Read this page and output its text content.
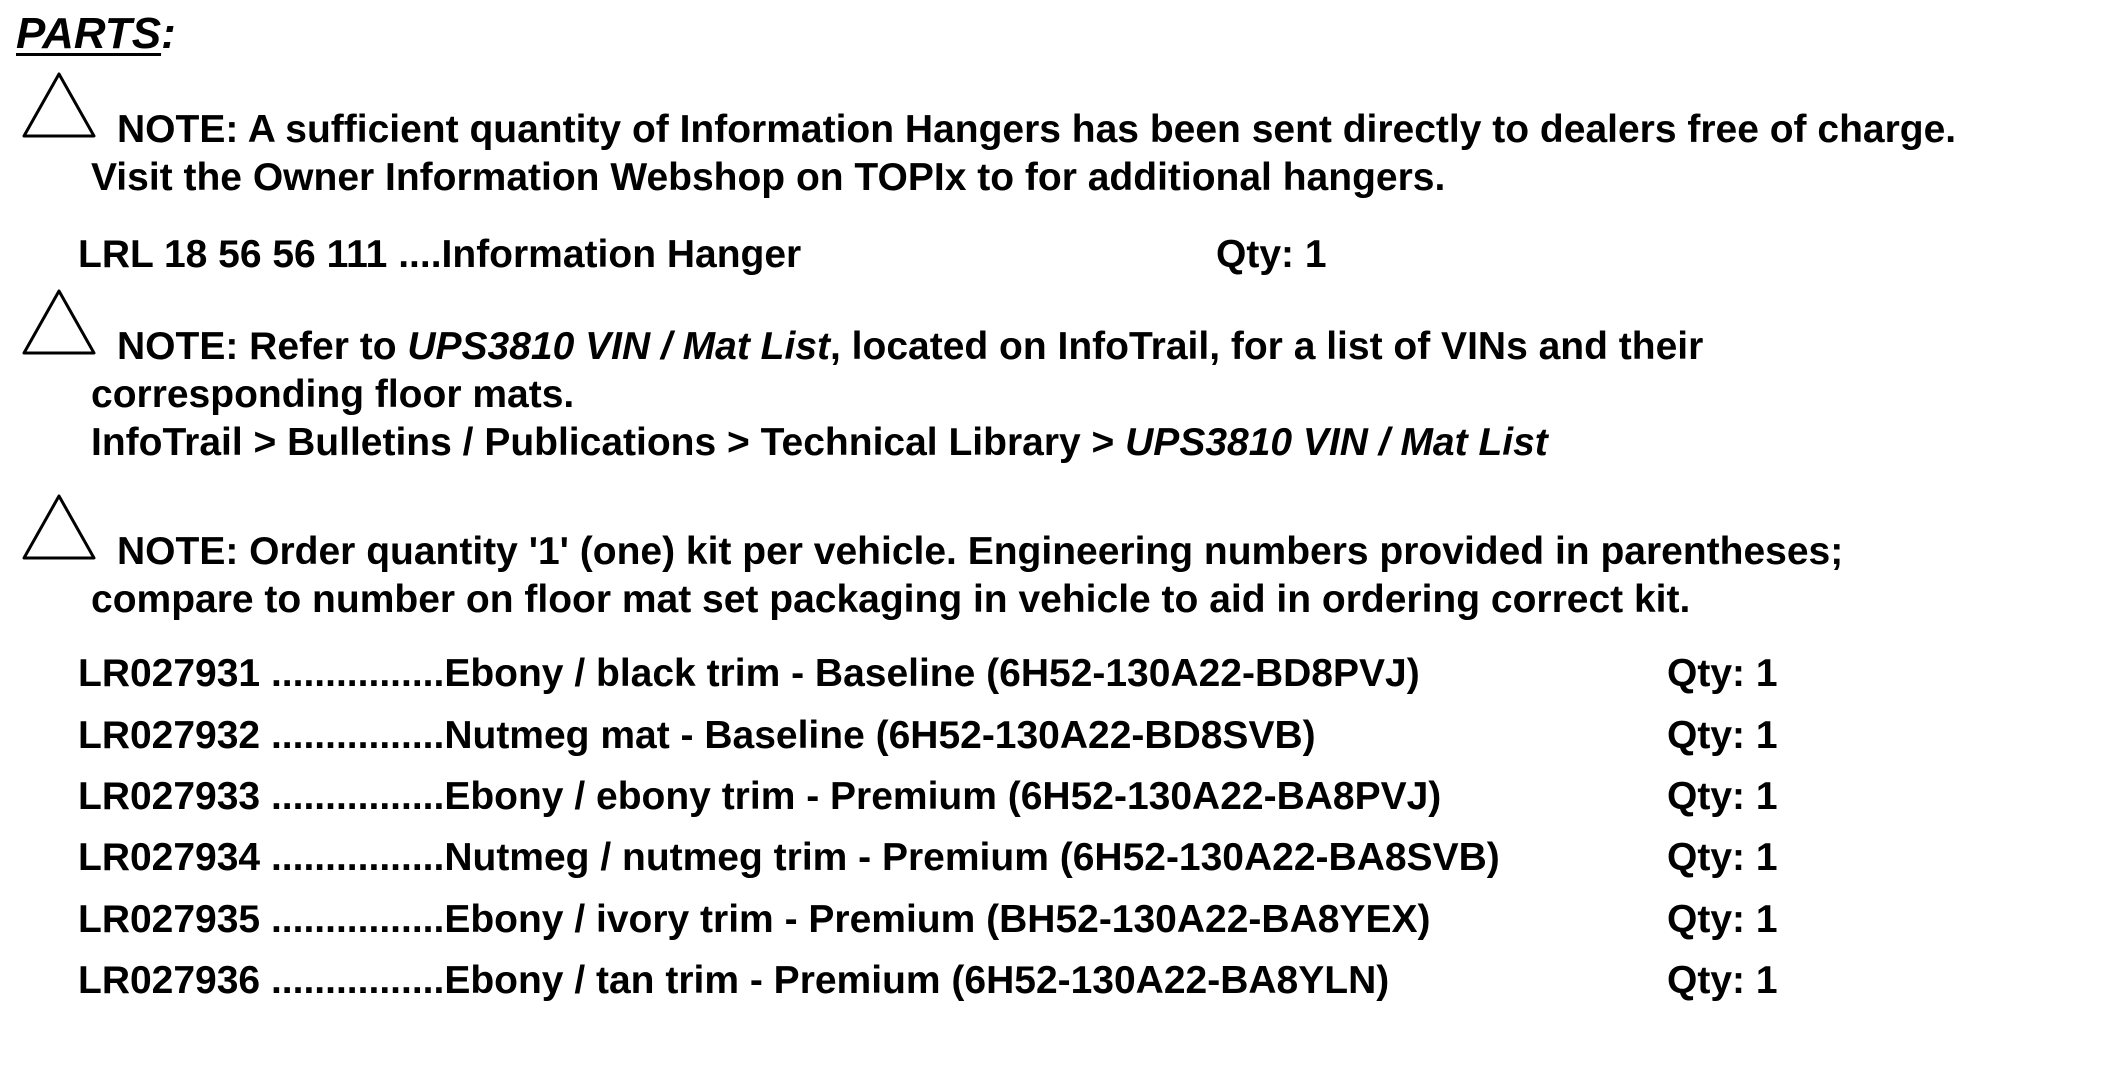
PARTS:
NOTE: A sufficient quantity of Information Hangers has been sent directly to dealers free of charge.
Visit the Owner Information Webshop on TOPIx to for additional hangers.
LRL 18 56 56 111 ....Information Hanger	Qty: 1
NOTE: Refer to UPS3810 VIN / Mat List, located on InfoTrail, for a list of VINs and their
corresponding floor mats.
InfoTrail > Bulletins / Publications > Technical Library > UPS3810 VIN / Mat List
NOTE: Order quantity '1' (one) kit per vehicle. Engineering numbers provided in parentheses;
compare to number on floor mat set packaging in vehicle to aid in ordering correct kit.
LR027931 ................Ebony / black trim - Baseline (6H52-130A22-BD8PVJ)	Qty: 1
LR027932 ................Nutmeg mat - Baseline (6H52-130A22-BD8SVB)	Qty: 1
LR027933 ................Ebony / ebony trim - Premium (6H52-130A22-BA8PVJ)	Qty: 1
LR027934 ................Nutmeg / nutmeg trim - Premium (6H52-130A22-BA8SVB)	Qty: 1
LR027935 ................Ebony / ivory trim - Premium (BH52-130A22-BA8YEX)	Qty: 1
LR027936 ................Ebony / tan trim - Premium (6H52-130A22-BA8YLN)	Qty: 1
